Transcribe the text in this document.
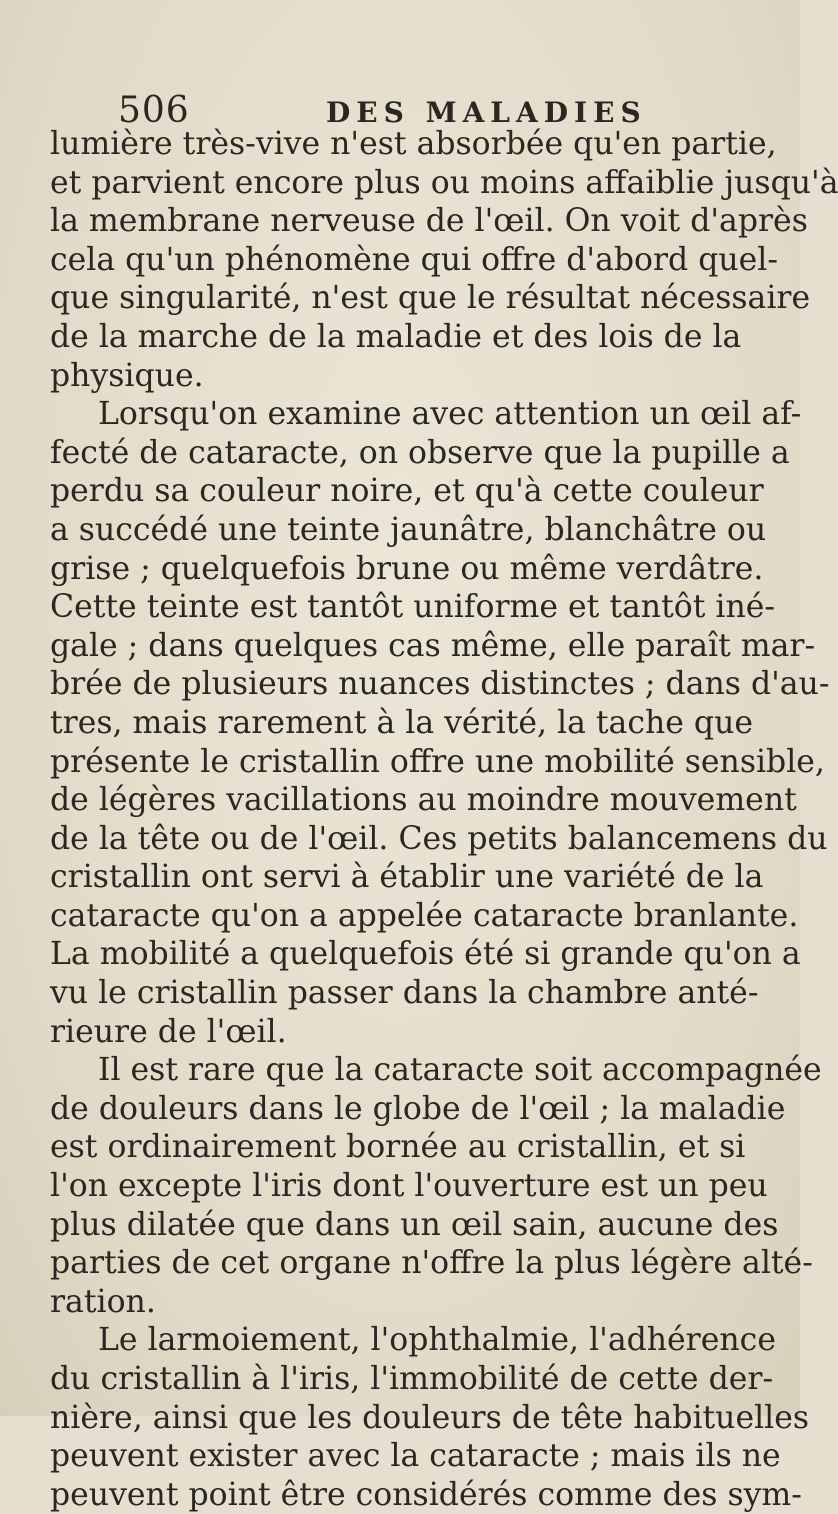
506	DES MALADIES
lumière très-vive n'est absorbée qu'en partie,
et parvient encore plus ou moins affaiblie jusqu'à
la membrane nerveuse de l'œil. On voit d'après
cela qu'un phénomène qui offre d'abord quel-
que singularité, n'est que le résultat nécessaire
de la marche de la maladie et des lois de la
physique.
Lorsqu'on examine avec attention un œil af-
fecté de cataracte, on observe que la pupille a
perdu sa couleur noire, et qu'à cette couleur
a succédé une teinte jaunâtre, blanchâtre ou
grise ; quelquefois brune ou même verdâtre.
Cette teinte est tantôt uniforme et tantôt iné-
gale ; dans quelques cas même, elle paraît mar-
brée de plusieurs nuances distinctes ; dans d'au-
tres, mais rarement à la vérité, la tache que
présente le cristallin offre une mobilité sensible,
de légères vacillations au moindre mouvement
de la tête ou de l'œil. Ces petits balancemens du
cristallin ont servi à établir une variété de la
cataracte qu'on a appelée cataracte branlante.
La mobilité a quelquefois été si grande qu'on a
vu le cristallin passer dans la chambre anté-
rieure de l'œil.
Il est rare que la cataracte soit accompagnée
de douleurs dans le globe de l'œil ; la maladie
est ordinairement bornée au cristallin, et si
l'on excepte l'iris dont l'ouverture est un peu
plus dilatée que dans un œil sain, aucune des
parties de cet organe n'offre la plus légère alté-
ration.
Le larmoiement, l'ophthalmie, l'adhérence
du cristallin à l'iris, l'immobilité de cette der-
nière, ainsi que les douleurs de tête habituelles
peuvent exister avec la cataracte ; mais ils ne
peuvent point être considérés comme des sym-
